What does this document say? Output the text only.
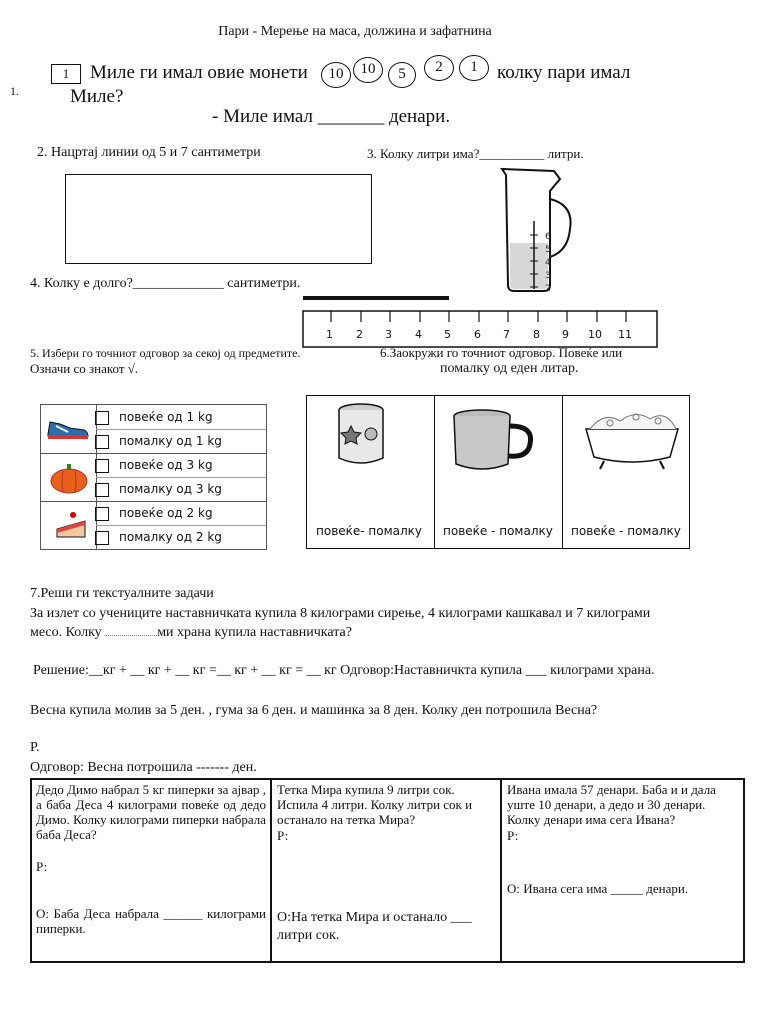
Пари - Мерење на маса, должина и зафатнина
1.
1	Миле ги имал овие монети	10	10	5	2	1	колку пари имал
Миле?
- Миле имал _______ денари.
2. Нацртај линии од 5 и 7 сантиметри	3. Колку литри има?__________ литри.
6
5
4
3
2
4. Колку е долго?_____________ сантиметри.
1 2 3 4 5 6 7 8 9 10 11
5. Избери го точниот одговор за секој од предметите.
Означи со знакот √.
повеќе од 1 kg
помалку од 1 kg
повеќе од 3 kg
помалку од 3 kg
повеќе од 2 kg
помалку од 2 kg
6.Заокружи го точниот одговор. Повеќе или
помалку од еден литар.
повеќе- помалку повеќе - помалку повеќе - помалку
7.Реши ги текстуалните задачи
За излет со учениците наставничката купила 8 килограми сирење, 4 килограми кашкавал и 7 килограми
месо. Колку	ми храна купила наставничката?
Решение:__кг + __ кг + __ кг =__ кг + __ кг = __ кг Одговор:Наставничкта купила ___ килограми храна.
Весна купила молив за 5 ден. , гума за 6 ден. и машинка за 8 ден. Колку ден потрошила Весна?
Р.
Одговор: Весна потрошила ------- ден.
Дедо Димо набрал 5 кг пиперки за ајвар , а баба Деса 4 килограми повеќе од дедо Димо. Колку килограми пиперки набрала баба Деса?
Р:
О: Баба Деса набрала ______ килограми пиперки.
Тетка Мира купила 9 литри сок. Испила 4 литри. Колку литри сок и останало на тетка Мира?
Р:
О:На тетка Мира и останало ___ литри сок.
Ивана имала 57 денари. Баба и и дала уште 10 денари, а дедо и 30 денари. Колку денари има сега Ивана?
Р:
О: Ивана сега има _____ денари.
